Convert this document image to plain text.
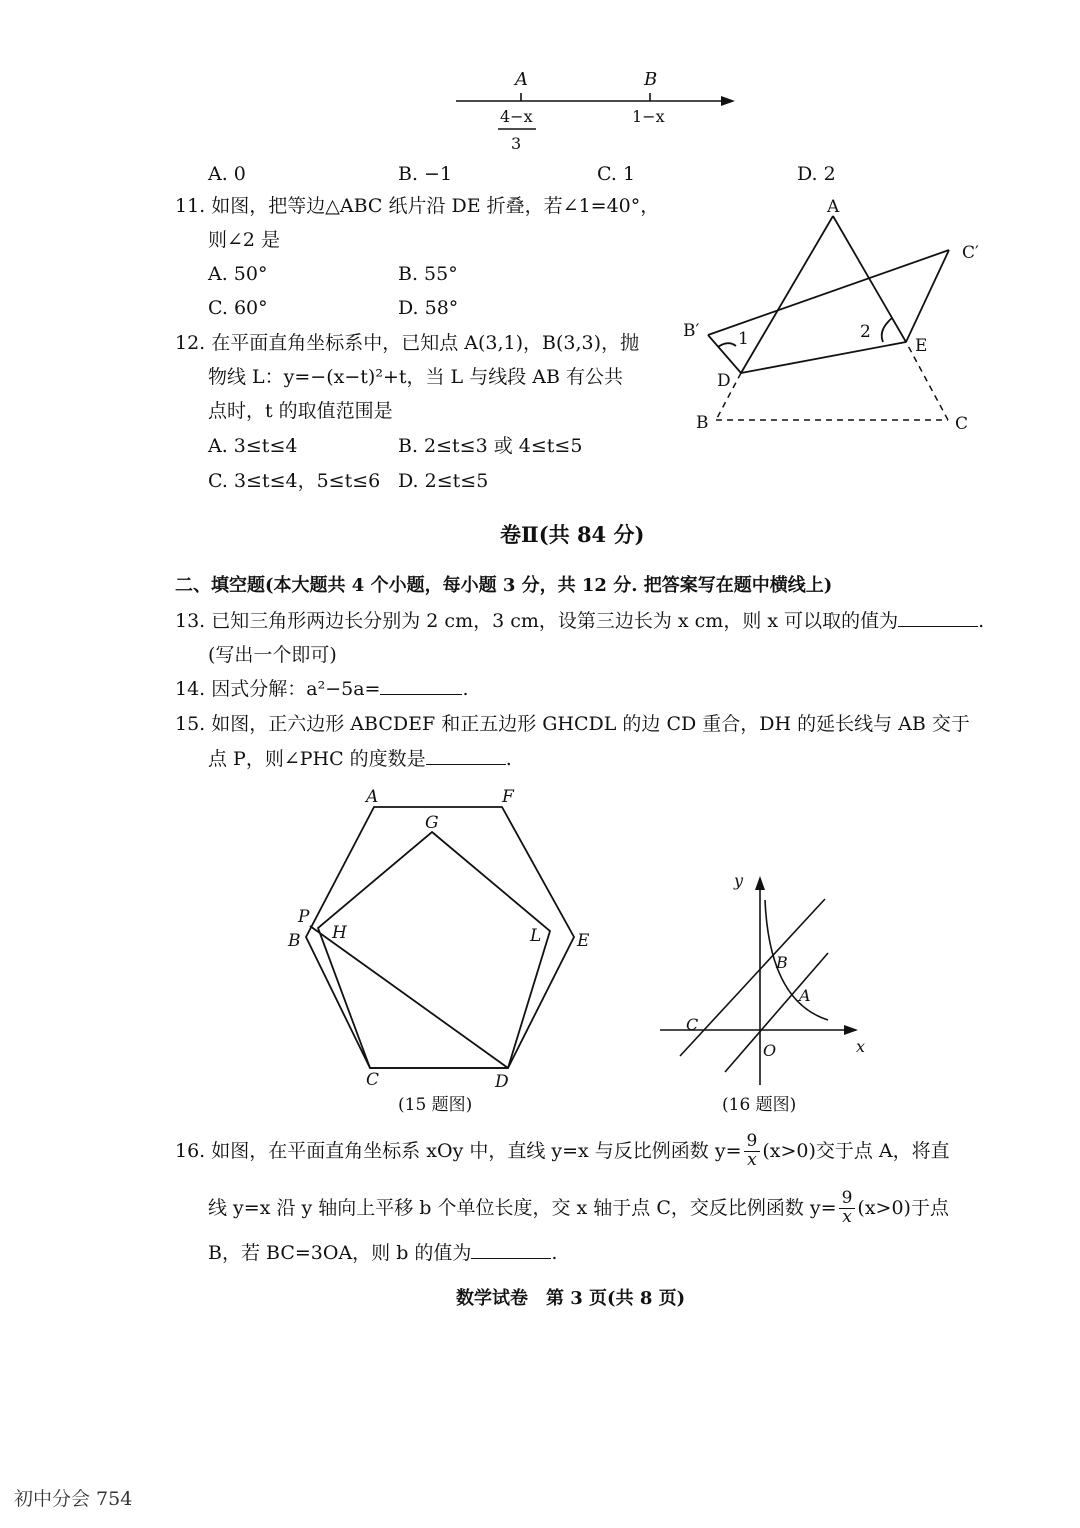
A	B
4−x
3
1−x
A. 0	B. −1	C. 1	D. 2
11. 如图，把等边△ABC 纸片沿 DE 折叠，若∠1=40°，
则∠2 是
A. 50°	B. 55°
C. 60°	D. 58°
A
C′
B′ 1	2
E
D
B	C
12. 在平面直角坐标系中，已知点 A(3,1)，B(3,3)，抛
物线 L：y=−(x−t)²+t，当 L 与线段 AB 有公共
点时，t 的取值范围是
A. 3≤t≤4	B. 2≤t≤3 或 4≤t≤5
C. 3≤t≤4，5≤t≤6 D. 2≤t≤5
卷Ⅱ(共 84 分)
二、填空题(本大题共 4 个小题，每小题 3 分，共 12 分. 把答案写在题中横线上)
13. 已知三角形两边长分别为 2 cm，3 cm，设第三边长为 x cm，则 x 可以取的值为	.
(写出一个即可)
14. 因式分解：a²−5a=	.
15. 如图，正六边形 ABCDEF 和正五边形 GHCDL 的边 CD 重合，DH 的延长线与 AB 交于
点 P，则∠PHC 的度数是	.
A	F
G
P
B H	L E
C	D
(15 题图)
y
x
O
B
A
C
(16 题图)
16. 如图，在平面直角坐标系 xOy 中，直线 y=x 与反比例函数 $y= \frac{9}{x} (x>0)$交于点 A，将直
线 y=x 沿 y 轴向上平移 b 个单位长度，交 x 轴于点 C，交反比例函数 $y= \frac{9}{x} (x>0)$于点
B，若 BC=3OA，则 b 的值为	.
数学试卷　第 3 页(共 8 页)
初中分会 754
